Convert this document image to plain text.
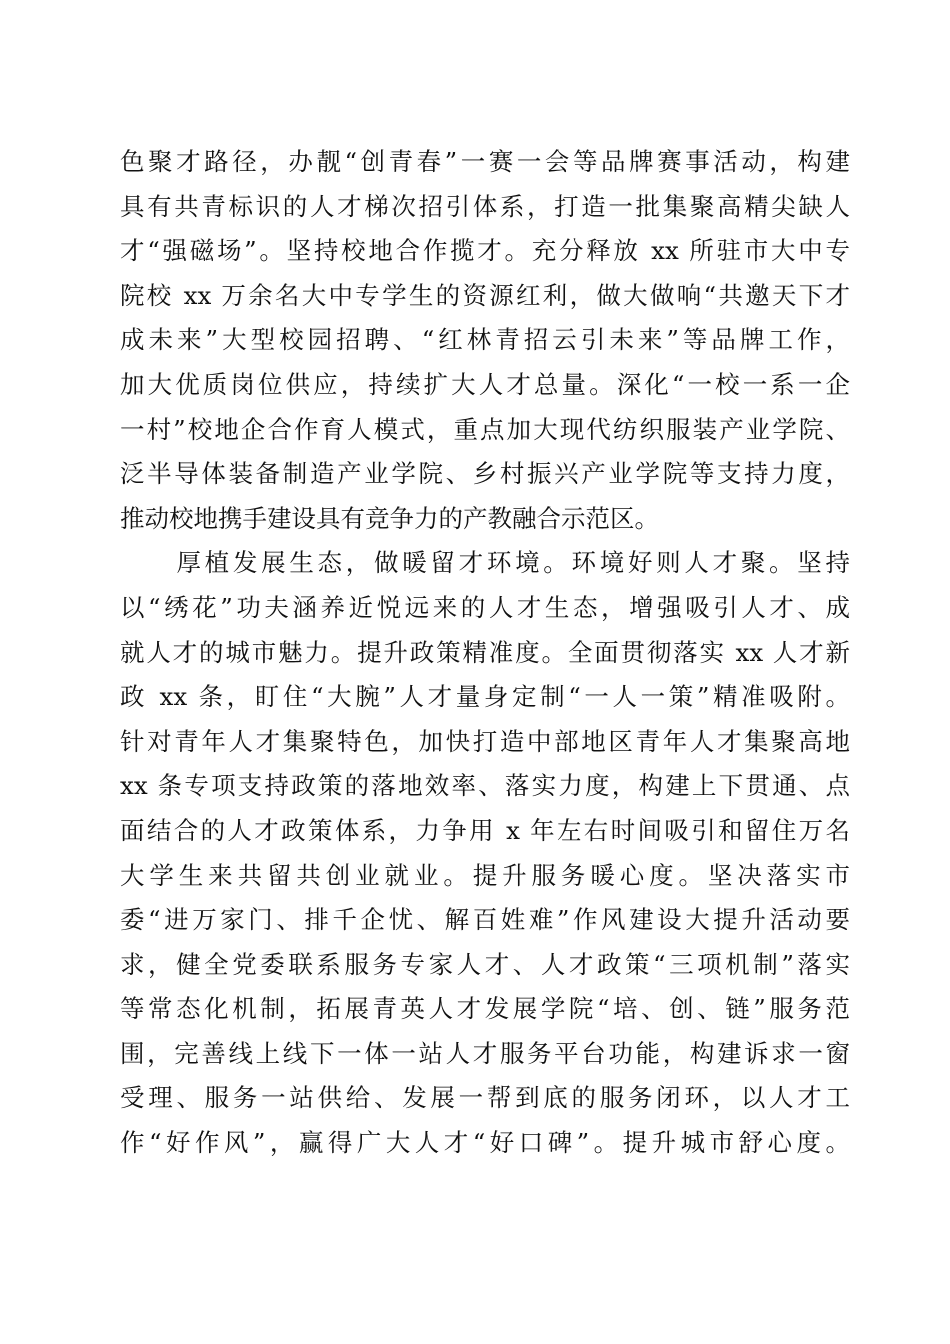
色聚才路径，办靓“创青春”一赛一会等品牌赛事活动，构建
具有共青标识的人才梯次招引体系，打造一批集聚高精尖缺人
才“强磁场”。坚持校地合作揽才。充分释放 xx 所驻市大中专
院校 xx 万余名大中专学生的资源红利，做大做响“共邀天下才
成未来”大型校园招聘、“红林青招云引未来”等品牌工作，
加大优质岗位供应，持续扩大人才总量。深化“一校一系一企
一村”校地企合作育人模式，重点加大现代纺织服装产业学院、
泛半导体装备制造产业学院、乡村振兴产业学院等支持力度，
推动校地携手建设具有竞争力的产教融合示范区。
　　厚植发展生态，做暖留才环境。环境好则人才聚。坚持
以“绣花”功夫涵养近悦远来的人才生态，增强吸引人才、成
就人才的城市魅力。提升政策精准度。全面贯彻落实 xx 人才新
政 xx 条，盯住“大腕”人才量身定制“一人一策”精准吸附。
针对青年人才集聚特色，加快打造中部地区青年人才集聚高地
xx 条专项支持政策的落地效率、落实力度，构建上下贯通、点
面结合的人才政策体系，力争用 x 年左右时间吸引和留住万名
大学生来共留共创业就业。提升服务暖心度。坚决落实市
委“进万家门、排千企忧、解百姓难”作风建设大提升活动要
求，健全党委联系服务专家人才、人才政策“三项机制”落实
等常态化机制，拓展青英人才发展学院“培、创、链”服务范
围，完善线上线下一体一站人才服务平台功能，构建诉求一窗
受理、服务一站供给、发展一帮到底的服务闭环，以人才工
作“好作风”，赢得广大人才“好口碑”。提升城市舒心度。
